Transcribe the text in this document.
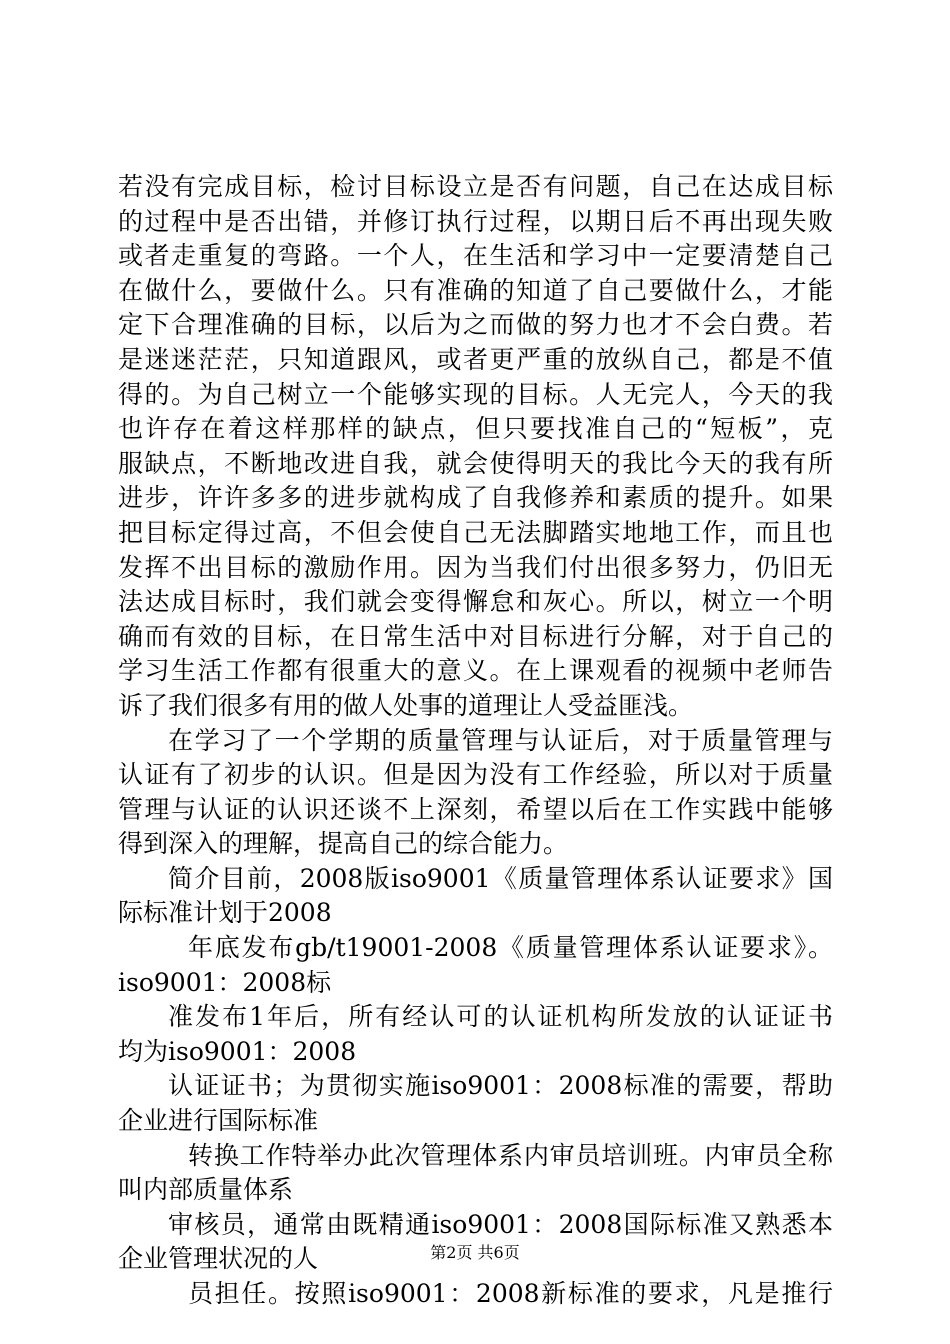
若没有完成目标，检讨目标设立是否有问题，自己在达成目标
的过程中是否出错，并修订执行过程，以期日后不再出现失败
或者走重复的弯路。一个人，在生活和学习中一定要清楚自己
在做什么，要做什么。只有准确的知道了自己要做什么，才能
定下合理准确的目标，以后为之而做的努力也才不会白费。若
是迷迷茫茫，只知道跟风，或者更严重的放纵自己，都是不值
得的。为自己树立一个能够实现的目标。人无完人，今天的我
也许存在着这样那样的缺点，但只要找准自己的“短板”，克
服缺点，不断地改进自我，就会使得明天的我比今天的我有所
进步，许许多多的进步就构成了自我修养和素质的提升。如果
把目标定得过高，不但会使自己无法脚踏实地地工作，而且也
发挥不出目标的激励作用。因为当我们付出很多努力，仍旧无
法达成目标时，我们就会变得懈怠和灰心。所以，树立一个明
确而有效的目标，在日常生活中对目标进行分解，对于自己的
学习生活工作都有很重大的意义。在上课观看的视频中老师告
诉了我们很多有用的做人处事的道理让人受益匪浅。
在学习了一个学期的质量管理与认证后，对于质量管理与
认证有了初步的认识。但是因为没有工作经验，所以对于质量
管理与认证的认识还谈不上深刻，希望以后在工作实践中能够
得到深入的理解，提高自己的综合能力。
简介目前，2008版iso9001《质量管理体系认证要求》国
际标准计划于2008
年底发布gb/t19001-2008《质量管理体系认证要求》。
iso9001：2008标
准发布1年后，所有经认可的认证机构所发放的认证证书
均为iso9001：2008
认证证书；为贯彻实施iso9001：2008标准的需要，帮助
企业进行国际标准
转换工作特举办此次管理体系内审员培训班。内审员全称
叫内部质量体系
审核员，通常由既精通iso9001：2008国际标准又熟悉本
企业管理状况的人
员担任。按照iso9001：2008新标准的要求，凡是推行
第2页 共6页
